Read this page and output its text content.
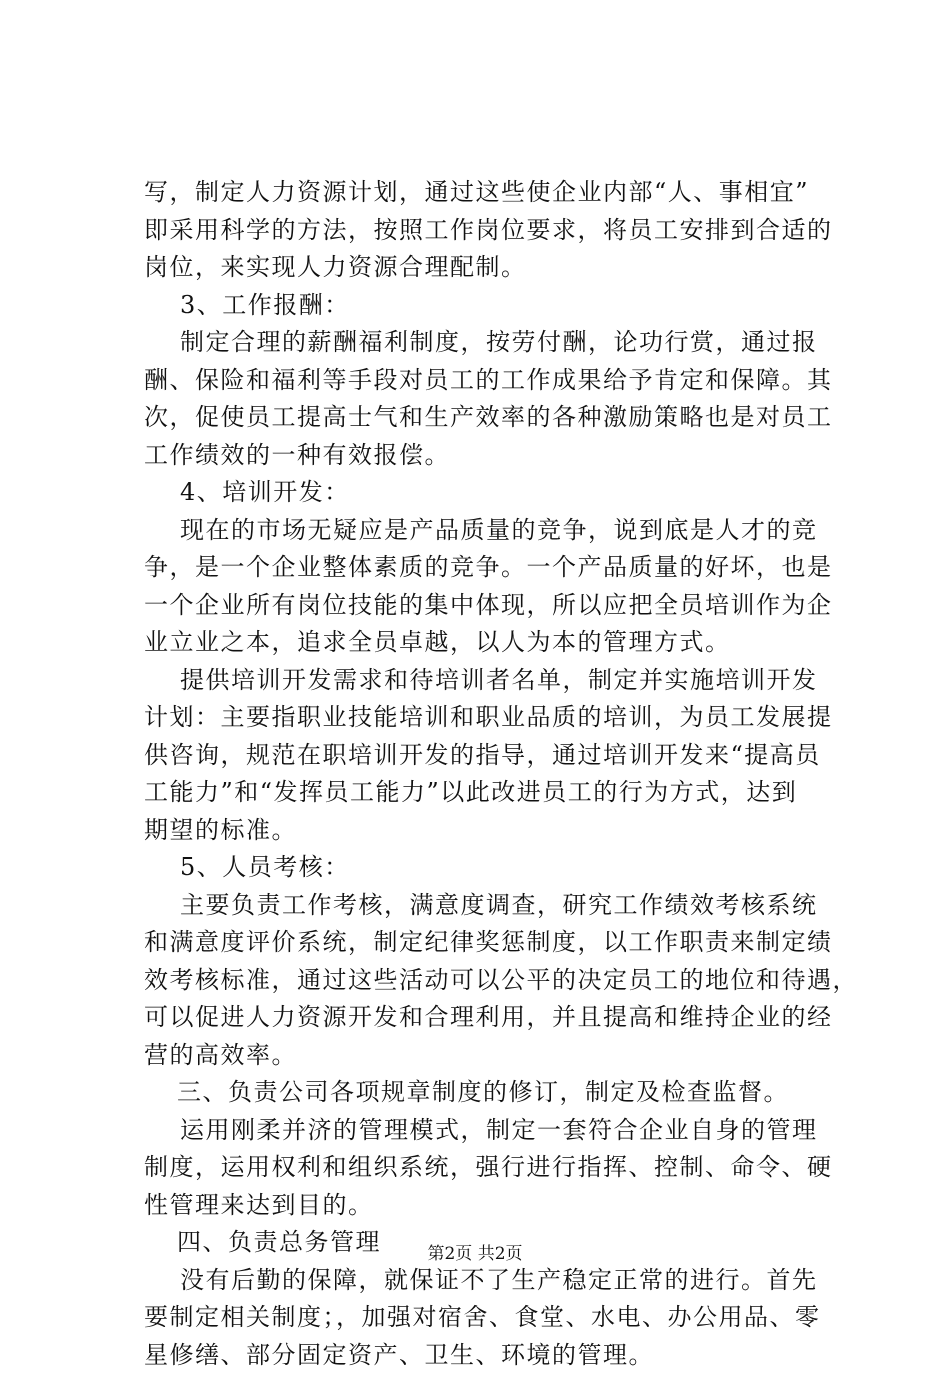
写，制定人力资源计划，通过这些使企业内部“人、事相宜”
即采用科学的方法，按照工作岗位要求，将员工安排到合适的
岗位，来实现人力资源合理配制。
3、工作报酬：
制定合理的薪酬福利制度，按劳付酬，论功行赏，通过报
酬、保险和福利等手段对员工的工作成果给予肯定和保障。其
次，促使员工提高士气和生产效率的各种激励策略也是对员工
工作绩效的一种有效报偿。
4、培训开发：
现在的市场无疑应是产品质量的竞争，说到底是人才的竞
争，是一个企业整体素质的竞争。一个产品质量的好坏，也是
一个企业所有岗位技能的集中体现，所以应把全员培训作为企
业立业之本，追求全员卓越，以人为本的管理方式。
提供培训开发需求和待培训者名单，制定并实施培训开发
计划：主要指职业技能培训和职业品质的培训，为员工发展提
供咨询，规范在职培训开发的指导，通过培训开发来“提高员
工能力”和“发挥员工能力”以此改进员工的行为方式，达到
期望的标准。
5、人员考核：
主要负责工作考核，满意度调查，研究工作绩效考核系统
和满意度评价系统，制定纪律奖惩制度，以工作职责来制定绩
效考核标准，通过这些活动可以公平的决定员工的地位和待遇，
可以促进人力资源开发和合理利用，并且提高和维持企业的经
营的高效率。
三、负责公司各项规章制度的修订，制定及检查监督。
运用刚柔并济的管理模式，制定一套符合企业自身的管理
制度，运用权利和组织系统，强行进行指挥、控制、命令、硬
性管理来达到目的。
四、负责总务管理
没有后勤的保障，就保证不了生产稳定正常的进行。首先
要制定相关制度；，加强对宿舍、食堂、水电、办公用品、零
星修缮、部分固定资产、卫生、环境的管理。
第2页 共2页
